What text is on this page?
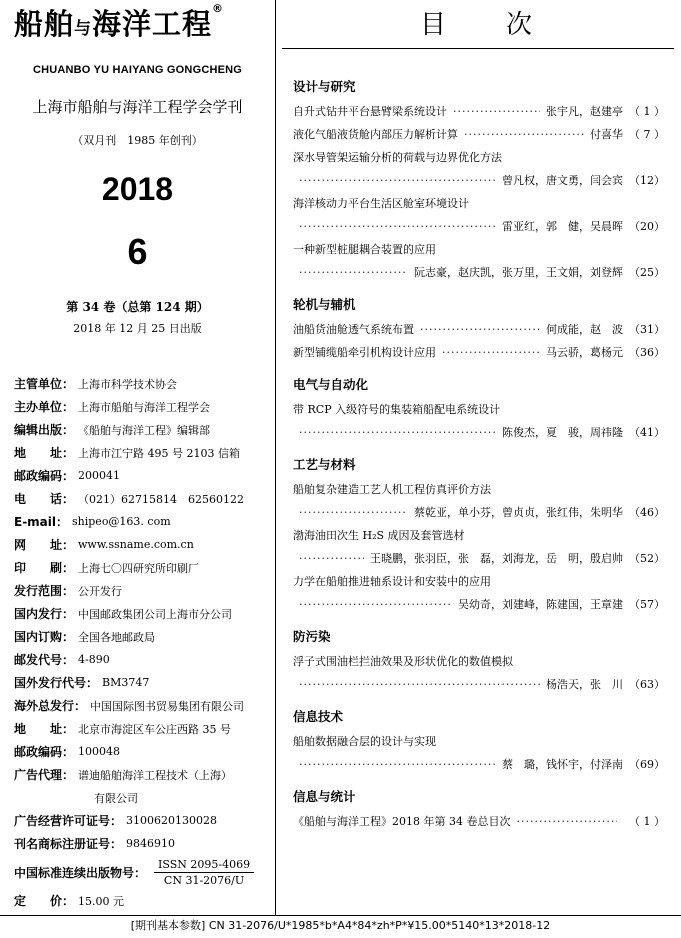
船舶与海洋工程®
CHUANBO YU HAIYANG GONGCHENG
上海市船舶与海洋工程学会学刊
（双月刊　1985 年创刊）
2018
6
第 34 卷（总第 124 期）
2018 年 12 月 25 日出版
主管单位： 上海市科学技术协会
主办单位： 上海市船舶与海洋工程学会
编辑出版： 《船舶与海洋工程》编辑部
地　　址： 上海市江宁路 495 号 2103 信箱
邮政编码： 200041
电　　话： （021）62715814　62560122
E-mail： shipeo@163. com
网　　址： www.ssname.com.cn
印　　刷： 上海七〇四研究所印刷厂
发行范围： 公开发行
国内发行： 中国邮政集团公司上海市分公司
国内订购： 全国各地邮政局
邮发代号： 4-890
国外发行代号： BM3747
海外总发行： 中国国际图书贸易集团有限公司
地　　址： 北京市海淀区车公庄西路 35 号
邮政编码： 100048
广告代理： 谱迪船舶海洋工程技术（上海）
有限公司
广告经营许可证号： 3100620130028
刊名商标注册证号： 9846910
中国标准连续出版物号：
ISSN 2095-4069
CN 31-2076/U
定　　价： 15.00 元
目次
设计与研究
自升式钻井平台悬臂梁系统设计 ·····	张宇凡，赵建亭 （ 1 ）
液化气船液货舱内部压力解析计算 ·····	付喜华 （ 7 ）
深水导管架运输分析的荷载与边界优化方法
·····
曾凡权，唐文勇，闫会宾 （12）
海洋核动力平台生活区舱室环境设计
·····
雷亚红，郭　健，吴晨晖 （20）
一种新型桩腿耦合装置的应用
·····
阮志豪，赵庆凯，张万里，王文娟，刘登辉 （25）
轮机与辅机
油船货油舱透气系统布置 ·····	何成能，赵　波 （31）
新型铺缆船牵引机构设计应用 ·····	马云骄，葛杨元 （36）
电气与自动化
带 RCP 入级符号的集装箱船配电系统设计
·····
陈俊杰，夏　骏，周祎隆 （41）
工艺与材料
船舶复杂建造工艺人机工程仿真评价方法
·····
蔡乾亚，单小芬，曾贞贞，张红伟，朱明华 （46）
渤海油田次生 H₂S 成因及套管选材
·····
王晓鹏，张羽臣，张　磊，刘海龙，岳　明，殷启帅 （52）
力学在船舶推进轴系设计和安装中的应用
·····
吴幼奇，刘建峰，陈建国，王章建 （57）
防污染
浮子式围油栏拦油效果及形状优化的数值模拟
·····
杨浩天，张　川 （63）
信息技术
船舶数据融合层的设计与实现
·····
蔡　璐，钱怀宇，付泽南 （69）
信息与统计
《船舶与海洋工程》2018 年第 34 卷总目次 ·····	（ 1 ）
[期刊基本参数] CN 31-2076/U*1985*b*A4*84*zh*P*¥15.00*5140*13*2018-12
